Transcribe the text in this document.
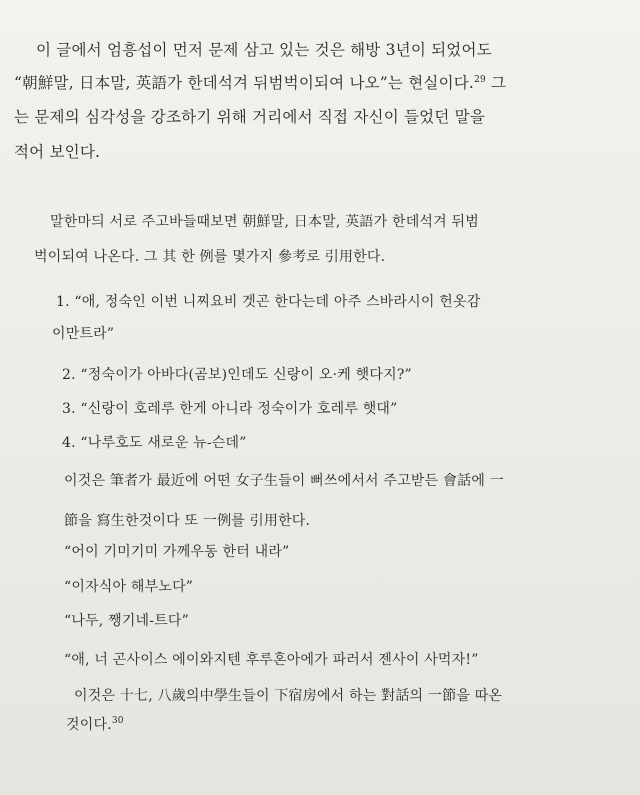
이 글에서 엄흥섭이 먼저 문제 삼고 있는 것은 해방 3년이 되었어도
“朝鮮말, 日本말, 英語가 한데석겨 뒤범벅이되여 나오”는 현실이다.$^{29}$ 그
는 문제의 심각성을 강조하기 위해 거리에서 직접 자신이 들었던 말을
적어 보인다.
말한마듸 서로 주고바들때보면 朝鮮말, 日本말, 英語가 한데석겨 뒤범
벅이되여 나온다. 그 其 한 例를 몇가지 參考로 引用한다.
1. “애, 정숙인 이번 니찌요비 겟곤 한다는데 아주 스바라시이 헌옷감
이만트라”
2. “정숙이가 아바다(곰보)인데도 신랑이 오·케 햇다지?”
3. “신랑이 호레루 한게 아니라 정숙이가 호레루 햇대”
4. “나루호도 새로운 뉴-슨데”
이것은 筆者가 最近에 어떤 女子生들이 뻐쓰에서서 주고받든 會話에 一
節을 寫生한것이다 또 一例를 引用한다.
“어이 기미기미 가께우동 한터 내라”
“이자식아 해부노다”
“나두, 쨍기네-트다”
“애, 너 곤사이스 에이와지텐 후루혼아에가 파러서 젠사이 사먹자!”
이것은 十七, 八歲의中學生들이 下宿房에서 하는 對話의 一節을 따온
것이다.$^{30}$
